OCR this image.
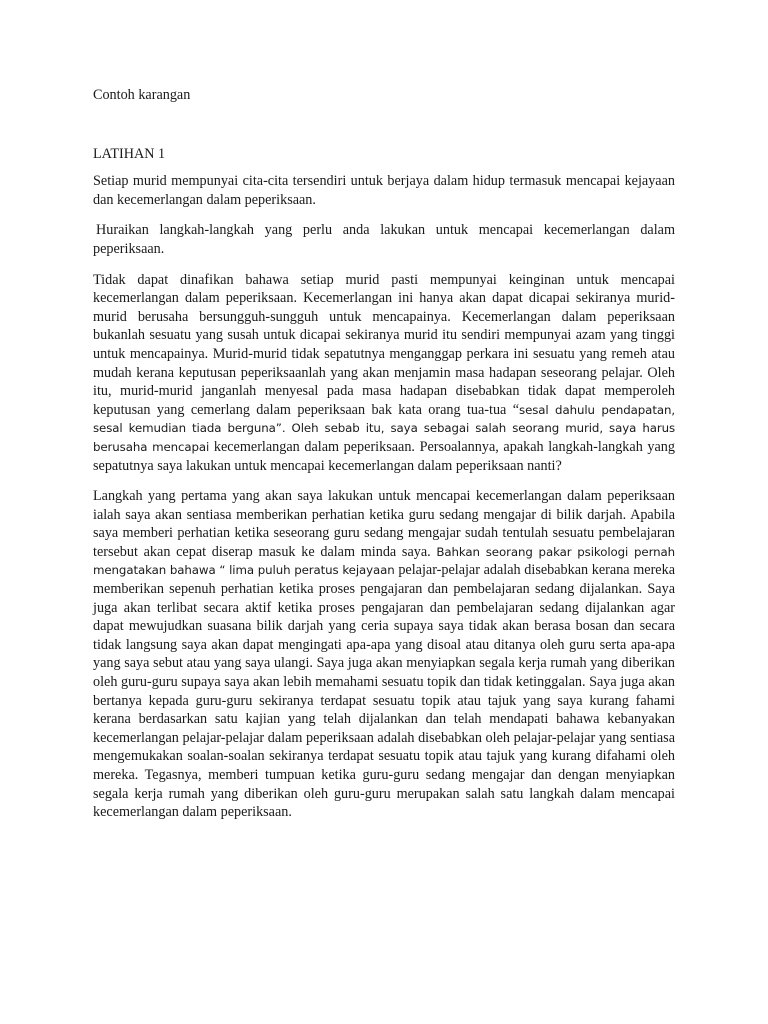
Contoh karangan

LATIHAN 1

Setiap murid mempunyai cita-cita tersendiri untuk berjaya dalam hidup termasuk mencapai kejayaan dan kecemerlangan dalam peperiksaan.

Huraikan langkah-langkah yang perlu anda lakukan untuk mencapai kecemerlangan dalam peperiksaan.

Tidak dapat dinafikan bahawa setiap murid pasti mempunyai keinginan untuk mencapai kecemerlangan dalam peperiksaan. Kecemerlangan ini hanya akan dapat dicapai sekiranya murid-murid berusaha bersungguh-sungguh untuk mencapainya. Kecemerlangan dalam peperiksaan bukanlah sesuatu yang susah untuk dicapai sekiranya murid itu sendiri mempunyai azam yang tinggi untuk mencapainya. Murid-murid tidak sepatutnya menganggap perkara ini sesuatu yang remeh atau mudah kerana keputusan peperiksaanlah yang akan menjamin masa hadapan seseorang pelajar. Oleh itu, murid-murid janganlah menyesal pada masa hadapan disebabkan tidak dapat memperoleh keputusan yang cemerlang dalam peperiksaan bak kata orang tua-tua “sesal dahulu pendapatan, sesal kemudian tiada berguna”. Oleh sebab itu, saya sebagai salah seorang murid, saya harus berusaha mencapai kecemerlangan dalam peperiksaan. Persoalannya, apakah langkah-langkah yang sepatutnya saya lakukan untuk mencapai kecemerlangan dalam peperiksaan nanti?

Langkah yang pertama yang akan saya lakukan untuk mencapai kecemerlangan dalam peperiksaan ialah saya akan sentiasa memberikan perhatian ketika guru sedang mengajar di bilik darjah. Apabila saya memberi perhatian ketika seseorang guru sedang mengajar sudah tentulah sesuatu pembelajaran tersebut akan cepat diserap masuk ke dalam minda saya. Bahkan seorang pakar psikologi pernah mengatakan bahawa “ lima puluh peratus kejayaan pelajar-pelajar adalah disebabkan kerana mereka memberikan sepenuh perhatian ketika proses pengajaran dan pembelajaran sedang dijalankan. Saya juga akan terlibat secara aktif ketika proses pengajaran dan pembelajaran sedang dijalankan agar dapat mewujudkan suasana bilik darjah yang ceria supaya saya tidak akan berasa bosan dan secara tidak langsung saya akan dapat mengingati apa-apa yang disoal atau ditanya oleh guru serta apa-apa yang saya sebut atau yang saya ulangi. Saya juga akan menyiapkan segala kerja rumah yang diberikan oleh guru-guru supaya saya akan lebih memahami sesuatu topik dan tidak ketinggalan. Saya juga akan bertanya kepada guru-guru sekiranya terdapat sesuatu topik atau tajuk yang saya kurang fahami kerana berdasarkan satu kajian yang telah dijalankan dan telah mendapati bahawa kebanyakan kecemerlangan pelajar-pelajar dalam peperiksaan adalah disebabkan oleh pelajar-pelajar yang sentiasa mengemukakan soalan-soalan sekiranya terdapat sesuatu topik atau tajuk yang kurang difahami oleh mereka. Tegasnya, memberi tumpuan ketika guru-guru sedang mengajar dan dengan menyiapkan segala kerja rumah yang diberikan oleh guru-guru merupakan salah satu langkah dalam mencapai kecemerlangan dalam peperiksaan.
